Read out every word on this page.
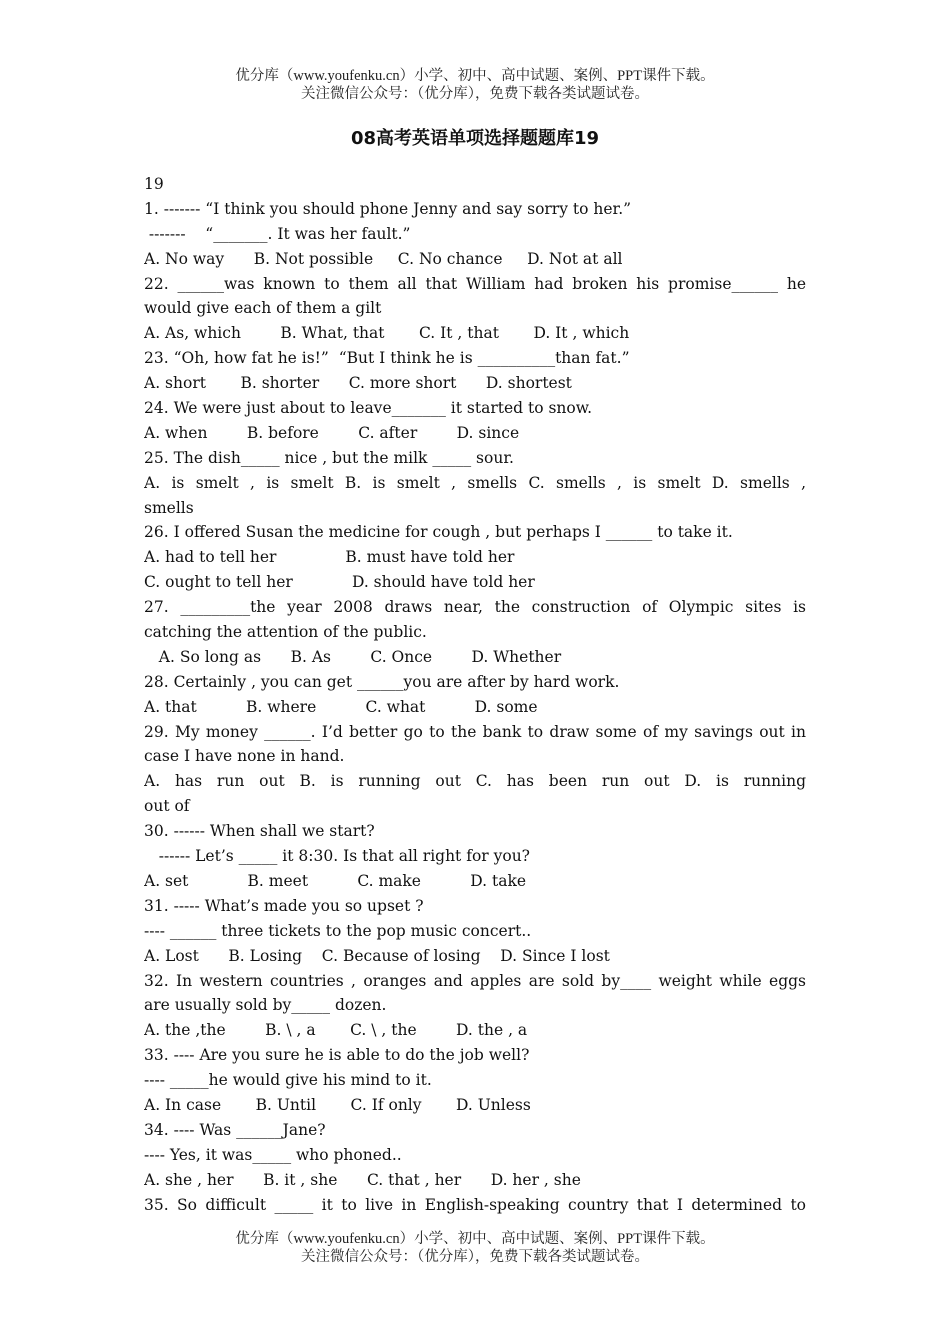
优分库（www.youfenku.cn）小学、初中、高中试题、案例、PPT课件下载。
关注微信公众号：（优分库），免费下载各类试题试卷。
08高考英语单项选择题题库19
19
1. ------- “I think you should phone Jenny and say sorry to her.”
-------    “_______. It was her fault.”
A. No way      B. Not possible     C. No chance     D. Not at all
22. ______was known to them all that William had broken his promise______ he
would give each of them a gilt
A. As, which        B. What, that       C. It , that       D. It , which
23. “Oh, how fat he is!”  “But I think he is __________than fat.”
A. short       B. shorter      C. more short      D. shortest
24. We were just about to leave_______ it started to snow.
A. when        B. before        C. after        D. since
25. The dish_____ nice , but the milk _____ sour.
A. is smelt , is smelt B. is smelt , smells C. smells , is smelt D. smells ,
smells
26. I offered Susan the medicine for cough , but perhaps I ______ to take it.
A. had to tell her              B. must have told her
C. ought to tell her            D. should have told her
27. _________the year 2008 draws near, the construction of Olympic sites is
catching the attention of the public.
A. So long as      B. As        C. Once        D. Whether
28. Certainly , you can get ______you are after by hard work.
A. that          B. where          C. what          D. some
29. My money ______. I’d better go to the bank to draw some of my savings out in
case I have none in hand.
A. has run out B. is running out C. has been run out D. is running
out of
30. ------ When shall we start?
------ Let’s _____ it 8:30. Is that all right for you?
A. set            B. meet          C. make          D. take
31. ----- What’s made you so upset ?
---- ______ three tickets to the pop music concert..
A. Lost      B. Losing    C. Because of losing    D. Since I lost
32. In western countries , oranges and apples are sold by____ weight while eggs
are usually sold by_____ dozen.
A. the ,the        B. \ , a       C. \ , the        D. the , a
33. ---- Are you sure he is able to do the job well?
---- _____he would give his mind to it.
A. In case       B. Until       C. If only       D. Unless
34. ---- Was ______Jane?
---- Yes, it was_____ who phoned..
A. she , her      B. it , she      C. that , her      D. her , she
35. So difficult _____ it to live in English-speaking country that I determined to
优分库（www.youfenku.cn）小学、初中、高中试题、案例、PPT课件下载。
关注微信公众号：（优分库），免费下载各类试题试卷。
